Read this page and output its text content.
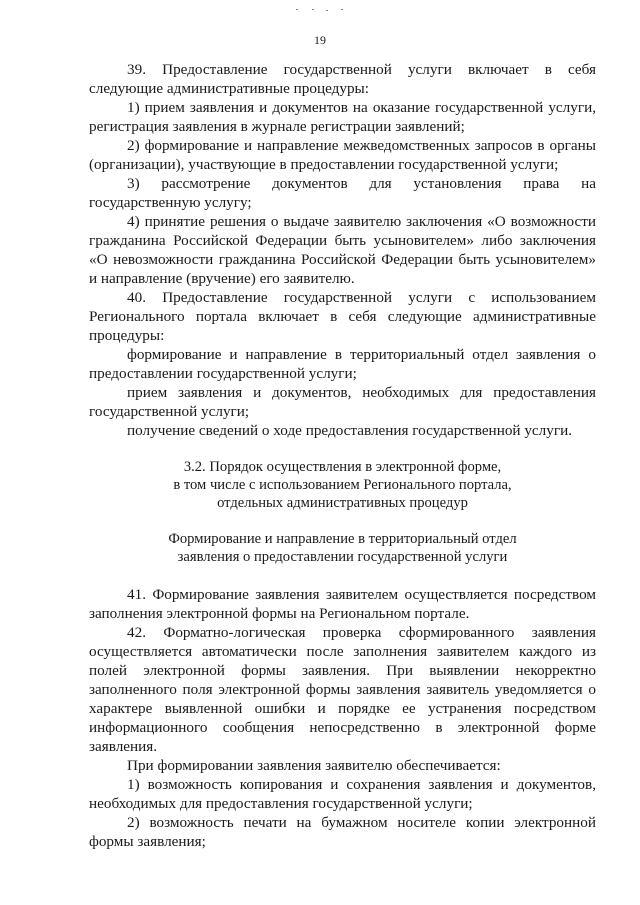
19

39. Предоставление государственной услуги включает в себя следующие административные процедуры:

1) прием заявления и документов на оказание государственной услуги, регистрация заявления в журнале регистрации заявлений;

2) формирование и направление межведомственных запросов в органы (организации), участвующие в предоставлении государственной услуги;

3) рассмотрение документов для установления права на государственную услугу;

4) принятие решения о выдаче заявителю заключения «О возможности гражданина Российской Федерации быть усыновителем» либо заключения «О невозможности гражданина Российской Федерации быть усыновителем» и направление (вручение) его заявителю.

40. Предоставление государственной услуги с использованием Регионального портала включает в себя следующие административные процедуры:

формирование и направление в территориальный отдел заявления о предоставлении государственной услуги;

прием заявления и документов, необходимых для предоставления государственной услуги;

получение сведений о ходе предоставления государственной услуги.

3.2. Порядок осуществления в электронной форме,
в том числе с использованием Регионального портала,
отдельных административных процедур

Формирование и направление в территориальный отдел
заявления о предоставлении государственной услуги

41. Формирование заявления заявителем осуществляется посредством заполнения электронной формы на Региональном портале.

42. Форматно-логическая проверка сформированного заявления осуществляется автоматически после заполнения заявителем каждого из полей электронной формы заявления. При выявлении некорректно заполненного поля электронной формы заявления заявитель уведомляется о характере выявленной ошибки и порядке ее устранения посредством информационного сообщения непосредственно в электронной форме заявления.

При формировании заявления заявителю обеспечивается:

1) возможность копирования и сохранения заявления и документов, необходимых для предоставления государственной услуги;

2) возможность печати на бумажном носителе копии электронной формы заявления;
